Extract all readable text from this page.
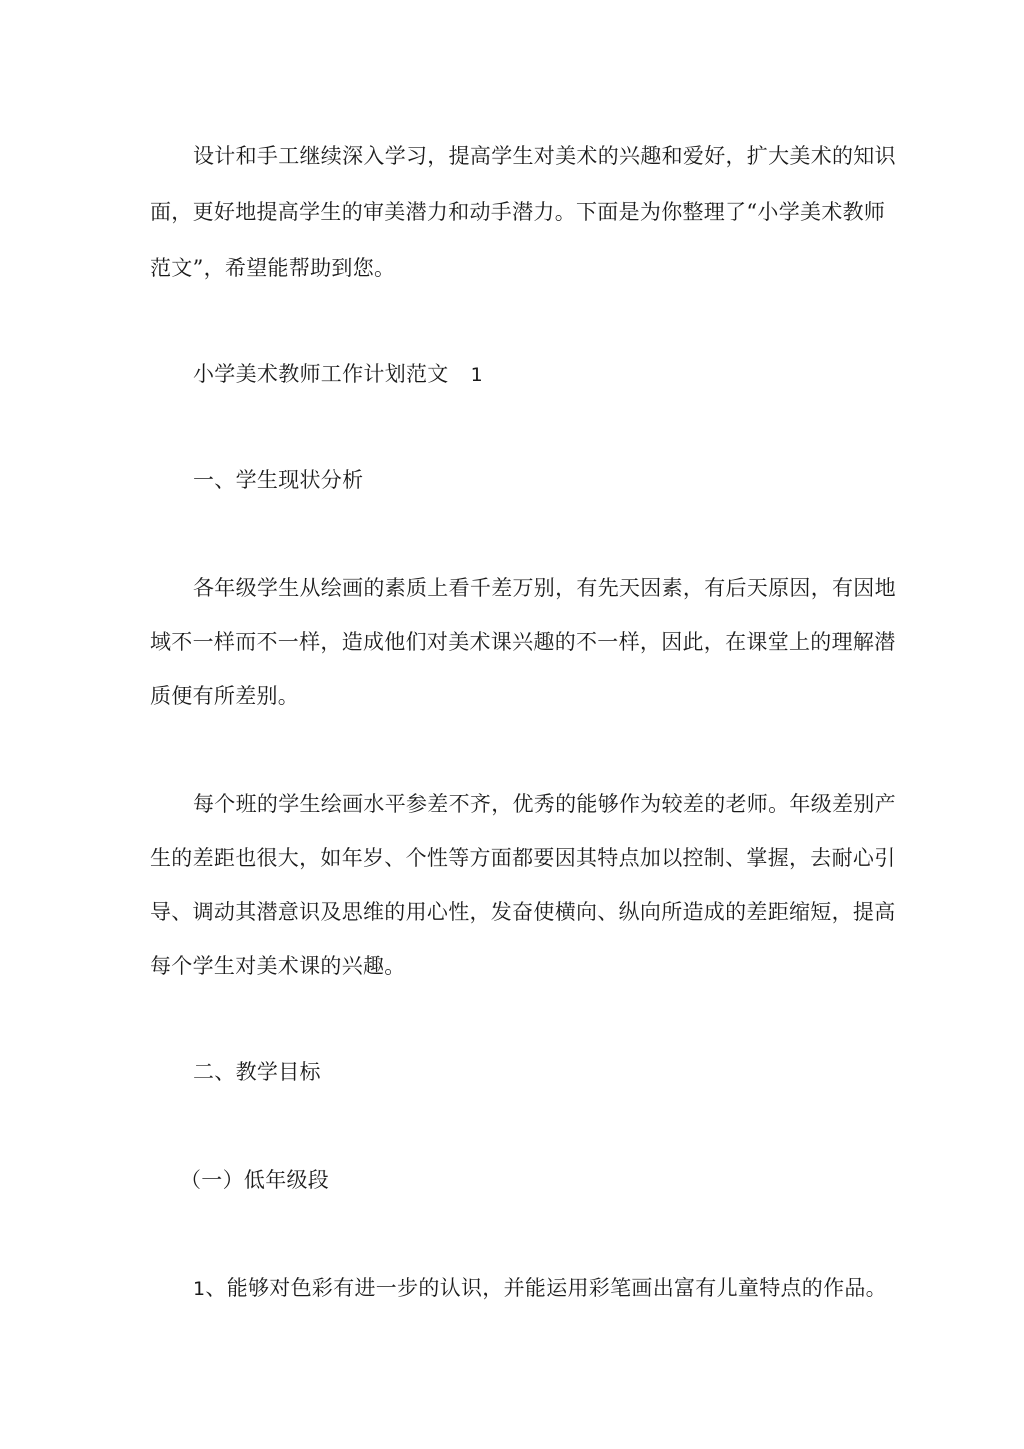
设计和手工继续深入学习，提高学生对美术的兴趣和爱好，扩大美术的知识
面，更好地提高学生的审美潜力和动手潜力。下面是为你整理了“小学美术教师
范文”，希望能帮助到您。
小学美术教师工作计划范文 1
一、学生现状分析
各年级学生从绘画的素质上看千差万别，有先天因素，有后天原因，有因地
域不一样而不一样，造成他们对美术课兴趣的不一样，因此，在课堂上的理解潜
质便有所差别。
每个班的学生绘画水平参差不齐，优秀的能够作为较差的老师。年级差别产
生的差距也很大，如年岁、个性等方面都要因其特点加以控制、掌握，去耐心引
导、调动其潜意识及思维的用心性，发奋使横向、纵向所造成的差距缩短，提高
每个学生对美术课的兴趣。
二、教学目标
（一）低年级段
1、能够对色彩有进一步的认识，并能运用彩笔画出富有儿童特点的作品。
